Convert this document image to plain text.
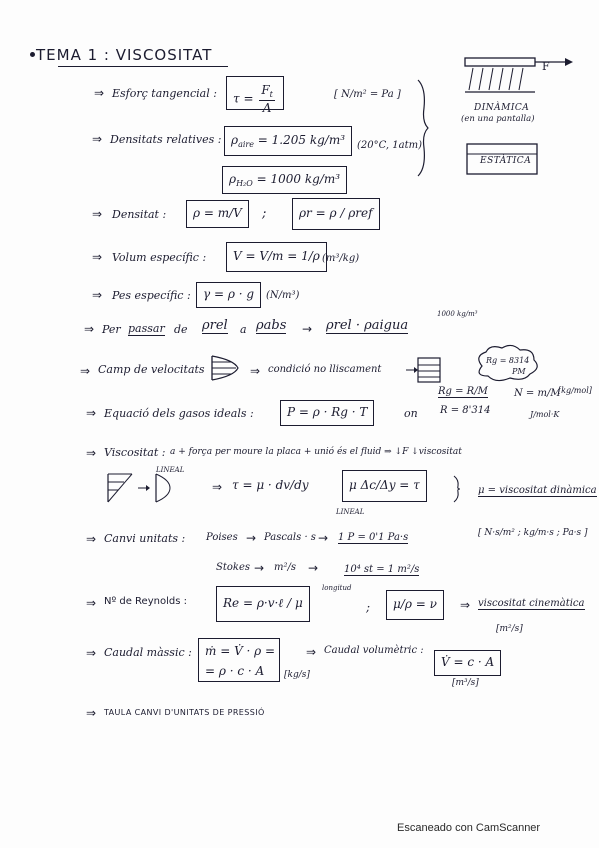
TEMA 1 : VISCOSITAT
⇒ Esforç tangencial :	$\tau = \frac{F_t}{A}$	[ N/m² = Pa ]
F
DINÀMICA
(en una pantalla)
ESTÀTICA
⇒ Densitats relatives : $\rho_{aire} = 1.205$ kg/m³	(20°C, 1atm)
$\rho_{H_2O} = 1000$ kg/m³
⇒ Densitat :	ρ = m/V	;	ρr = ρ / ρref
⇒ Volum específic :	V = V/m = 1/ρ (m³/kg)
⇒ Pes específic :	γ = ρ · g	(N/m³)
⇒ Per passar de ρrel a ρabs → ρrel · ρaigua
1000 kg/m³
⇒ Camp de velocitats	⇒ condició no lliscament
Rg = 8314
PM
⇒ Equació dels gasos ideals :	P = ρ · Rg · T	on
Rg = R/M
R = 8'314
N = m/M
[kg/mol]
J/mol·K
⇒ Viscositat : a + força per moure la placa + unió és el fluid ⇒ ↓F ↓viscositat
LINEAL
⇒ τ = μ · dv/dy
LINEAL
μ Δc/Δy = τ	μ = viscositat dinàmica
⇒ Canvi unitats : Poises → Pascals · s → 1 P = 0'1 Pa·s	[ N·s/m² ; kg/m·s ; Pa·s ]
Stokes → m²/s →	10⁴ st = 1 m²/s
⇒ Nº de Reynolds :	Re = ρ·v·ℓ / μ
longitud
;	μ/ρ = ν	⇒ viscositat cinemàtica
[m²/s]
⇒ Caudal màssic : ṁ = V̇ · ρ =
= ρ · c · A	[kg/s]
⇒ Caudal volumètric :
V̇ = c · A
[m³/s]
⇒ TAULA CANVI D'UNITATS DE PRESSIÓ
Escaneado con CamScanner
